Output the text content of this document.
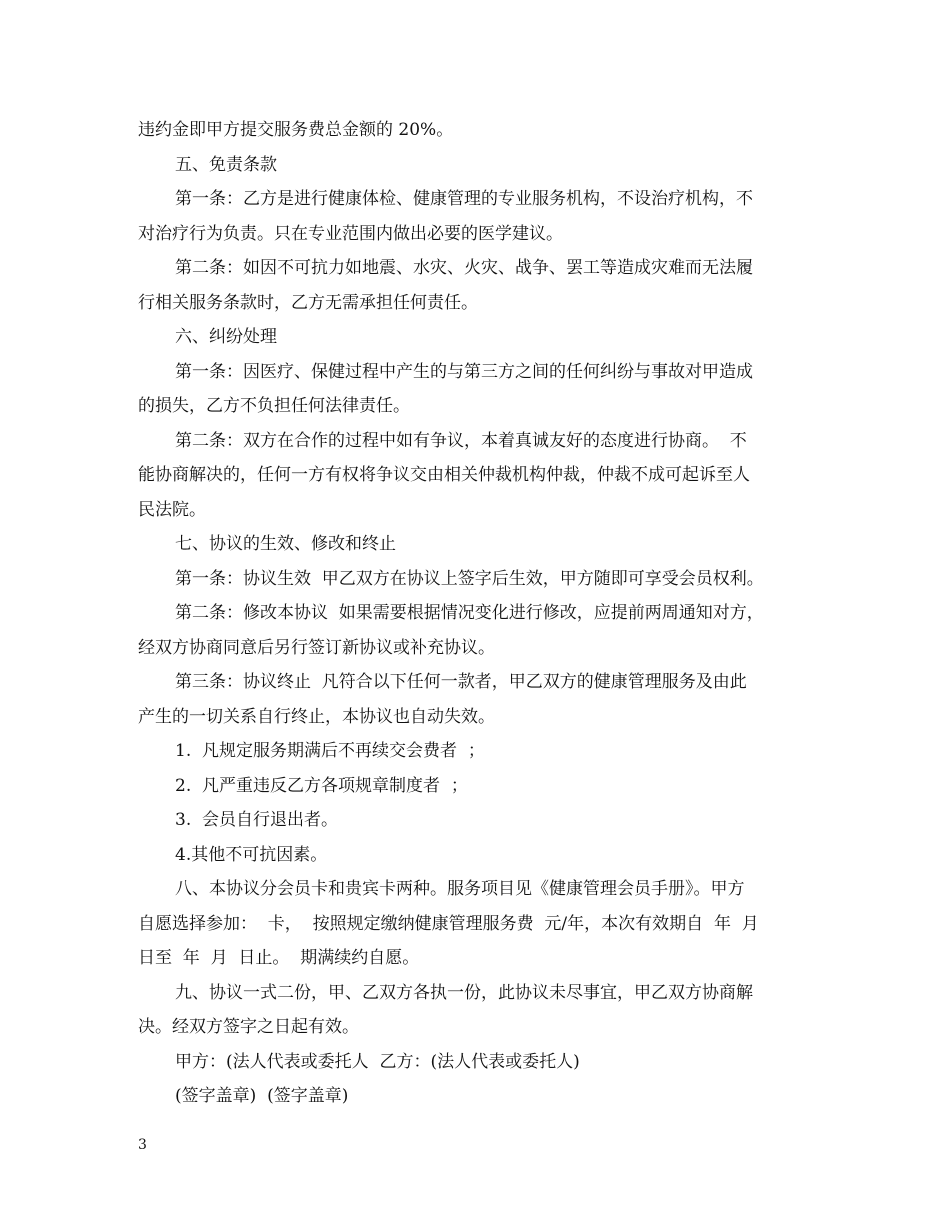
违约金即甲方提交服务费总金额的 20%。
五、免责条款
第一条：乙方是进行健康体检、健康管理的专业服务机构，不设治疗机构，不
对治疗行为负责。只在专业范围内做出必要的医学建议。
第二条：如因不可抗力如地震、水灾、火灾、战争、罢工等造成灾难而无法履
行相关服务条款时，乙方无需承担任何责任。
六、纠纷处理
第一条：因医疗、保健过程中产生的与第三方之间的任何纠纷与事故对甲造成
的损失，乙方不负担任何法律责任。
第二条：双方在合作的过程中如有争议，本着真诚友好的态度进行协商。  不
能协商解决的，任何一方有权将争议交由相关仲裁机构仲裁，仲裁不成可起诉至人
民法院。
七、协议的生效、修改和终止
第一条：协议生效  甲乙双方在协议上签字后生效，甲方随即可享受会员权利。
第二条：修改本协议  如果需要根据情况变化进行修改，应提前两周通知对方，
经双方协商同意后另行签订新协议或补充协议。
第三条：协议终止  凡符合以下任何一款者，甲乙双方的健康管理服务及由此
产生的一切关系自行终止，本协议也自动失效。
1.  凡规定服务期满后不再续交会费者  ；
2.  凡严重违反乙方各项规章制度者  ；
3.  会员自行退出者。
4.其他不可抗因素。
八、本协议分会员卡和贵宾卡两种。服务项目见《健康管理会员手册》。甲方
自愿选择参加：  卡，  按照规定缴纳健康管理服务费  元/年，本次有效期自  年  月
日至  年  月  日止。  期满续约自愿。
九、协议一式二份，甲、乙双方各执一份，此协议未尽事宜，甲乙双方协商解
决。经双方签字之日起有效。
甲方：(法人代表或委托人  乙方：(法人代表或委托人)
(签字盖章)  (签字盖章)
3
